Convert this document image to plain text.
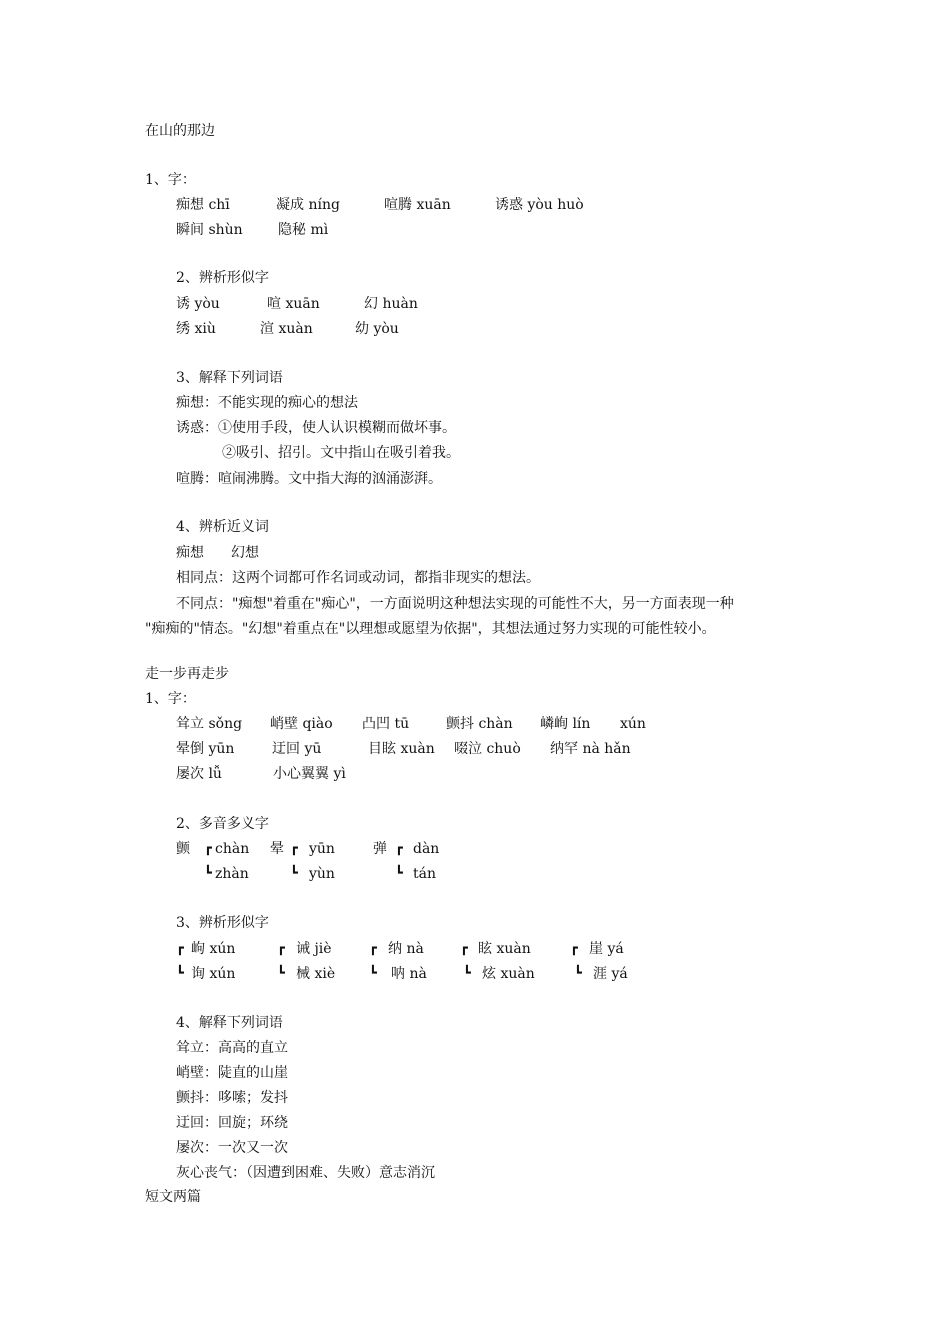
在山的那边
1、字：
痴想 chī	凝成 níng	喧腾 xuān	诱惑 yòu huò
瞬间 shùn	隐秘 mì
2、辨析形似字
诱 yòu	喧 xuān	幻 huàn
绣 xiù	渲 xuàn	幼 yòu
3、解释下列词语
痴想：不能实现的痴心的想法
诱惑：①使用手段，使人认识模糊而做坏事。
②吸引、招引。文中指山在吸引着我。
喧腾：喧闹沸腾。文中指大海的汹涌澎湃。
4、辨析近义词
痴想 幻想
相同点：这两个词都可作名词或动词，都指非现实的想法。
不同点："痴想"着重在"痴心"，一方面说明这种想法实现的可能性不大，另一方面表现一种
"痴痴的"情态。"幻想"着重点在"以理想或愿望为依据"，其想法通过努力实现的可能性较小。
走一步再走步
1、字：
耸立 sǒng 峭壁 qiào 凸凹 tū	颤抖 chàn 嶙峋 lín xún
晕倒 yūn	迂回 yū	目眩 xuàn 啜泣 chuò 纳罕 nà hǎn
屡次 lǚ	小心翼翼 yì
2、多音多义字
颤 ┏ chàn
┗ zhàn
晕 ┏ yūn
┗ yùn
弹 ┏ dàn
┗ tán
3、辨析形似字
┏ 岣 xún
┗ 询 xún
┏ 诫 jiè
┗ 械 xiè
┏ 纳 nà
┗ 呐 nà
┏ 眩 xuàn
┗ 炫 xuàn
┏ 崖 yá
┗ 涯 yá
4、解释下列词语
耸立：高高的直立
峭壁：陡直的山崖
颤抖：哆嗦；发抖
迂回：回旋；环绕
屡次：一次又一次
灰心丧气：（因遭到困难、失败）意志消沉
短文两篇
